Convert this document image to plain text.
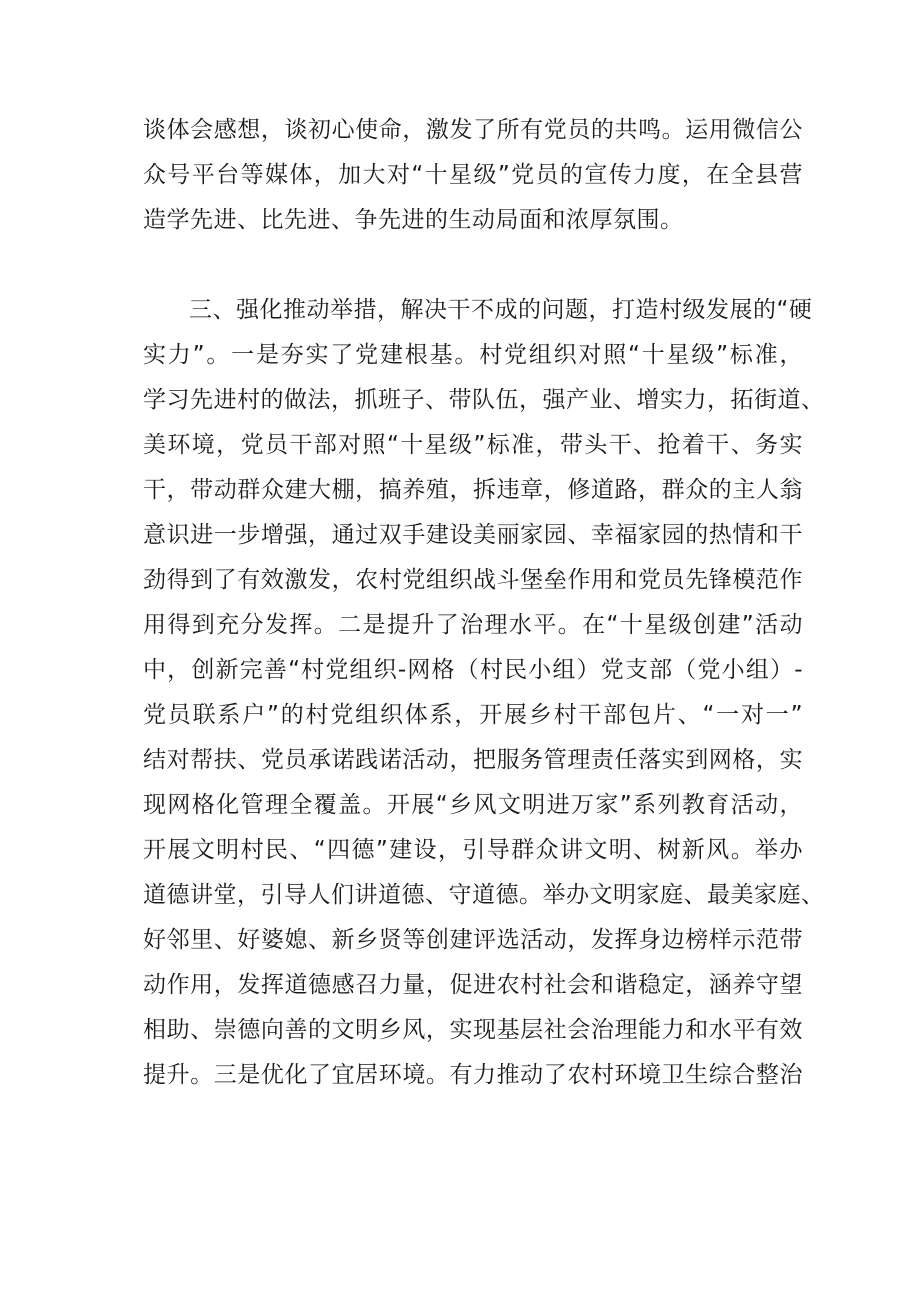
谈体会感想，谈初心使命，激发了所有党员的共鸣。运用微信公
众号平台等媒体，加大对“十星级”党员的宣传力度，在全县营
造学先进、比先进、争先进的生动局面和浓厚氛围。
三、强化推动举措，解决干不成的问题，打造村级发展的“硬
实力”。一是夯实了党建根基。村党组织对照“十星级”标准，
学习先进村的做法，抓班子、带队伍，强产业、增实力，拓街道、
美环境，党员干部对照“十星级”标准，带头干、抢着干、务实
干，带动群众建大棚，搞养殖，拆违章，修道路，群众的主人翁
意识进一步增强，通过双手建设美丽家园、幸福家园的热情和干
劲得到了有效激发，农村党组织战斗堡垒作用和党员先锋模范作
用得到充分发挥。二是提升了治理水平。在“十星级创建”活动
中，创新完善“村党组织-网格（村民小组）党支部（党小组）-
党员联系户”的村党组织体系，开展乡村干部包片、“一对一”
结对帮扶、党员承诺践诺活动，把服务管理责任落实到网格，实
现网格化管理全覆盖。开展“乡风文明进万家”系列教育活动，
开展文明村民、“四德”建设，引导群众讲文明、树新风。举办
道德讲堂，引导人们讲道德、守道德。举办文明家庭、最美家庭、
好邻里、好婆媳、新乡贤等创建评选活动，发挥身边榜样示范带
动作用，发挥道德感召力量，促进农村社会和谐稳定，涵养守望
相助、崇德向善的文明乡风，实现基层社会治理能力和水平有效
提升。三是优化了宜居环境。有力推动了农村环境卫生综合整治
